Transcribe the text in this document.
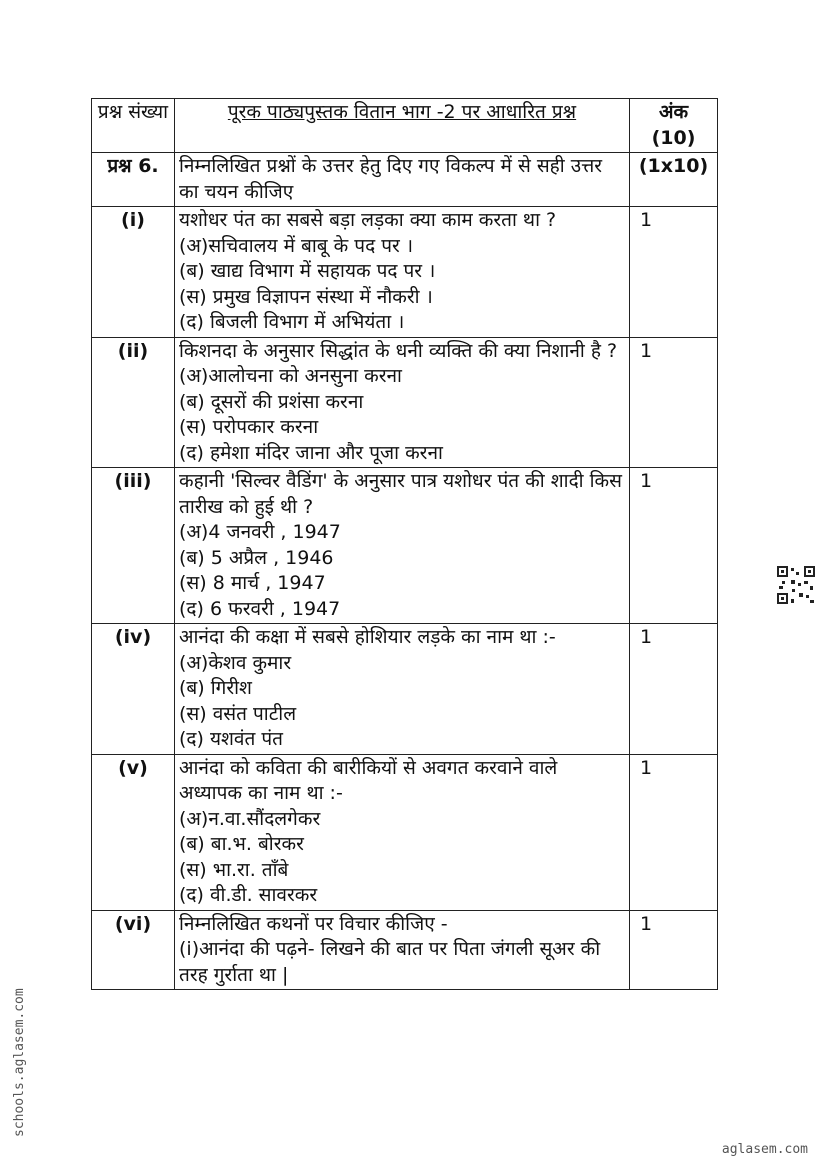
प्रश्न संख्या	पूरक पाठ्यपुस्तक वितान भाग -2 पर आधारित प्रश्न	अंक (10)
प्रश्न 6.	निम्नलिखित प्रश्नों के उत्तर हेतु दिए गए विकल्प में से सही उत्तर का चयन कीजिए	(1x10)
(i)	यशोधर पंत का सबसे बड़ा लड़का क्या काम करता था ?
(अ)सचिवालय में बाबू के पद पर ।
(ब) खाद्य विभाग में सहायक पद पर ।
(स) प्रमुख विज्ञापन संस्था में नौकरी ।
(द) बिजली विभाग में अभियंता ।	1
(ii)	किशनदा के अनुसार सिद्धांत के धनी व्यक्ति की क्या निशानी है ?
(अ)आलोचना को अनसुना करना
(ब) दूसरों की प्रशंसा करना
(स) परोपकार करना
(द) हमेशा मंदिर जाना और पूजा करना	1
(iii)	कहानी 'सिल्वर वैडिंग' के अनुसार पात्र यशोधर पंत की शादी किस तारीख को हुई थी ?
(अ)4 जनवरी , 1947
(ब) 5 अप्रैल , 1946
(स) 8 मार्च , 1947
(द) 6 फरवरी , 1947	1
(iv)	आनंदा की कक्षा में सबसे होशियार लड़के का नाम था :-
(अ)केशव कुमार
(ब) गिरीश
(स) वसंत पाटील
(द) यशवंत पंत	1
(v)	आनंदा को कविता की बारीकियों से अवगत करवाने वाले अध्यापक का नाम था :-
(अ)न.वा.सौंदलगेकर
(ब) बा.भ. बोरकर
(स) भा.रा. ताँबे
(द) वी.डी. सावरकर	1
(vi)	निम्नलिखित कथनों पर विचार कीजिए -
(i)आनंदा की पढ़ने- लिखने की बात पर पिता जंगली सूअर की तरह गुर्राता था |	1
schools.aglasem.com
aglasem.com
